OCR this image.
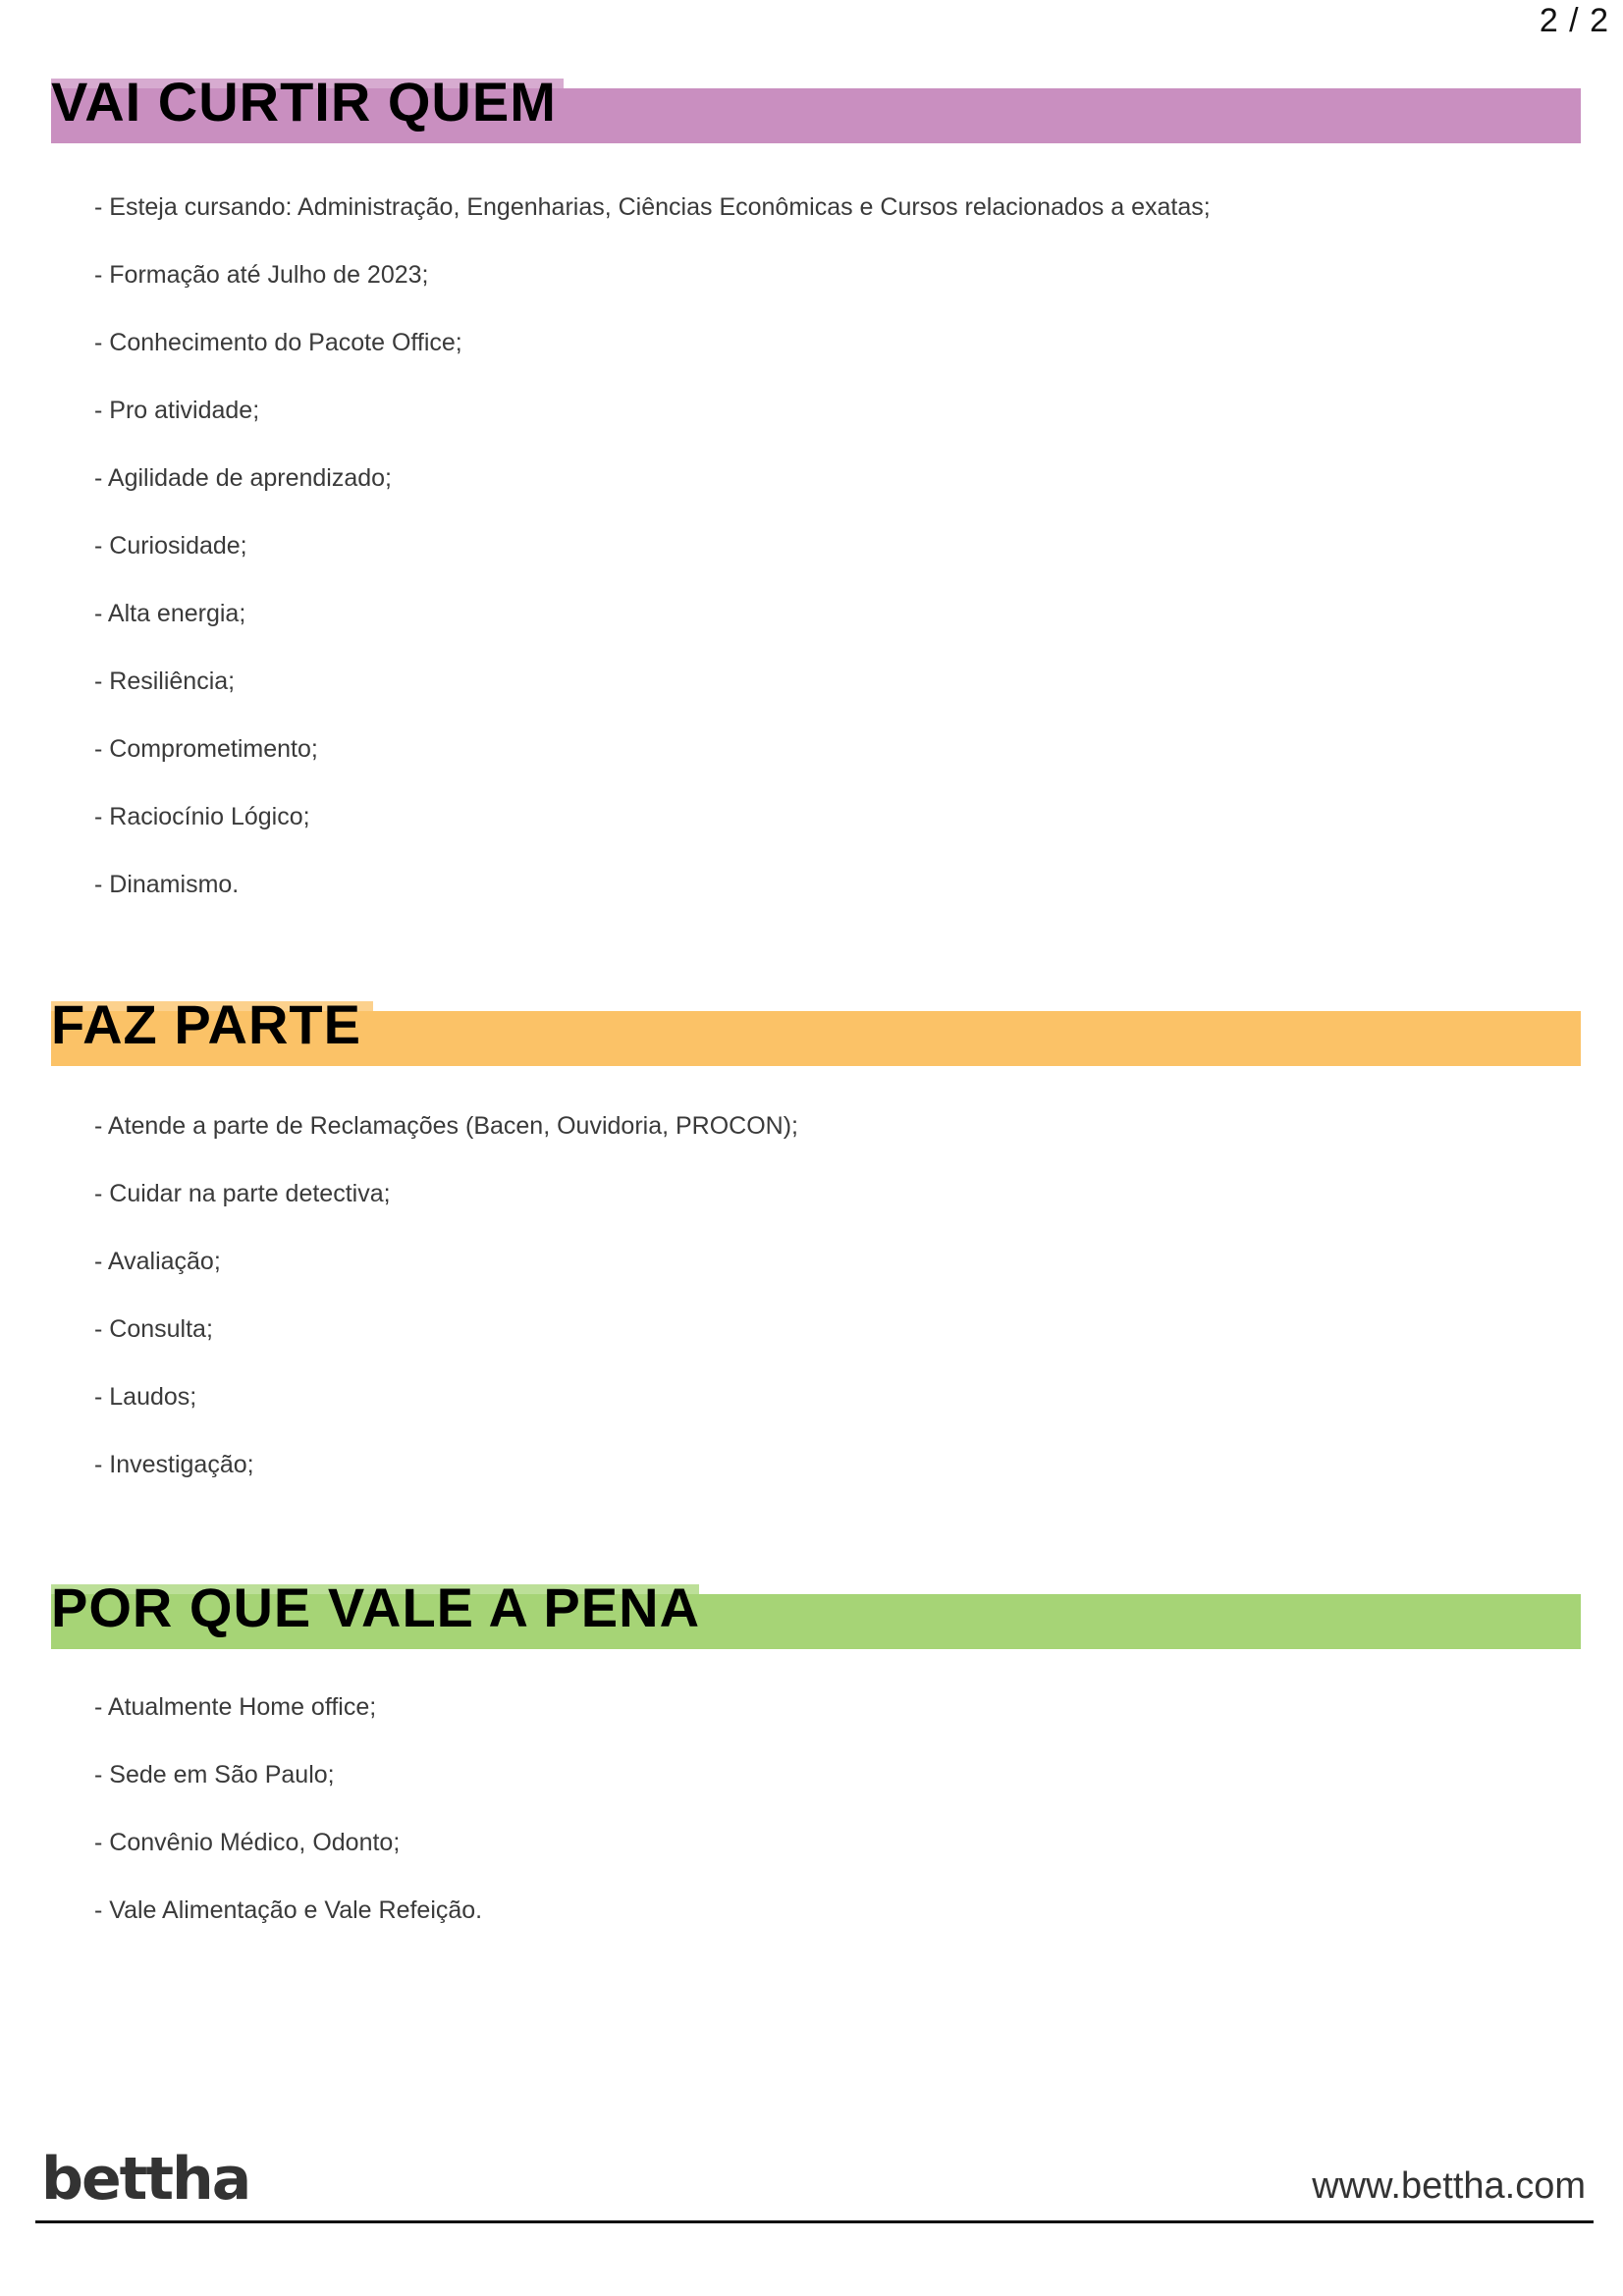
2 / 2
VAI CURTIR QUEM
- Esteja cursando: Administração, Engenharias, Ciências Econômicas e Cursos relacionados a exatas;
- Formação até Julho de 2023;
- Conhecimento do Pacote Office;
- Pro atividade;
- Agilidade de aprendizado;
- Curiosidade;
- Alta energia;
- Resiliência;
- Comprometimento;
- Raciocínio Lógico;
- Dinamismo.
FAZ PARTE
- Atende a parte de Reclamações (Bacen, Ouvidoria, PROCON);
- Cuidar na parte detectiva;
- Avaliação;
- Consulta;
- Laudos;
- Investigação;
POR QUE VALE A PENA
- Atualmente Home office;
- Sede em São Paulo;
- Convênio Médico, Odonto;
- Vale Alimentação e Vale Refeição.
bettha	www.bettha.com
